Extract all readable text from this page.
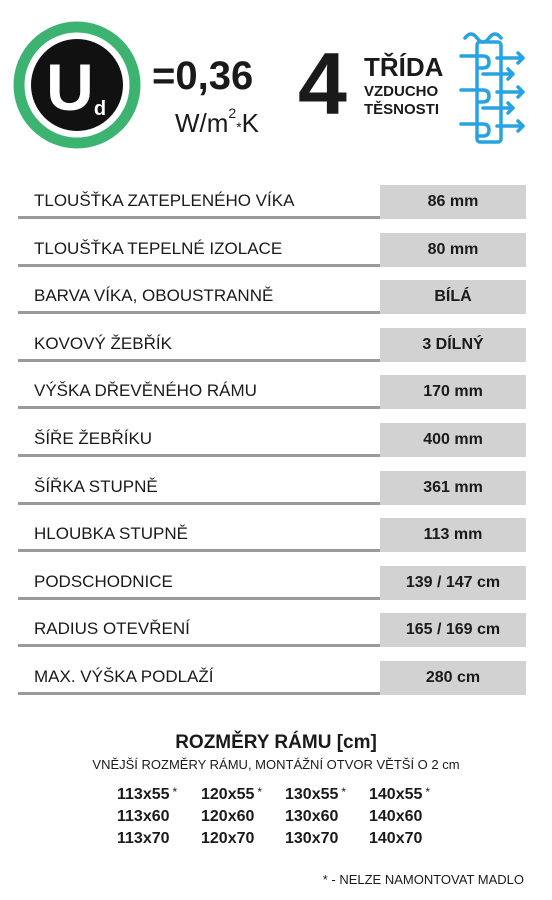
U d
=0,36
$W/m^2*K$ 4 TŘÍDA
VZDUCHO
TĚSNOSTI
TLOUŠŤKA ZATEPLENÉHO VÍKA	86 mm
TLOUŠŤKA TEPELNÉ IZOLACE	80 mm
BARVA VÍKA, OBOUSTRANNĚ	BÍLÁ
KOVOVÝ ŽEBŘÍK	3 DÍLNÝ
VÝŠKA DŘEVĚNÉHO RÁMU	170 mm
ŠÍŘE ŽEBŘÍKU	400 mm
ŠÍŘKA STUPNĚ	361 mm
HLOUBKA STUPNĚ	113 mm
PODSCHODNICE	139 / 147 cm
RADIUS OTEVŘENÍ	165 / 169 cm
MAX. VÝŠKA PODLAŽÍ	280 cm
ROZMĚRY RÁMU [cm]
VNĚJŠÍ ROZMĚRY RÁMU, MONTÁŽNÍ OTVOR VĚTŠÍ O 2 cm
113x55 *	120x55 *	130x55 *	140x55 *
113x60	120x60	130x60	140x60
113x70	120x70	130x70	140x70
* - NELZE NAMONTOVAT MADLO
